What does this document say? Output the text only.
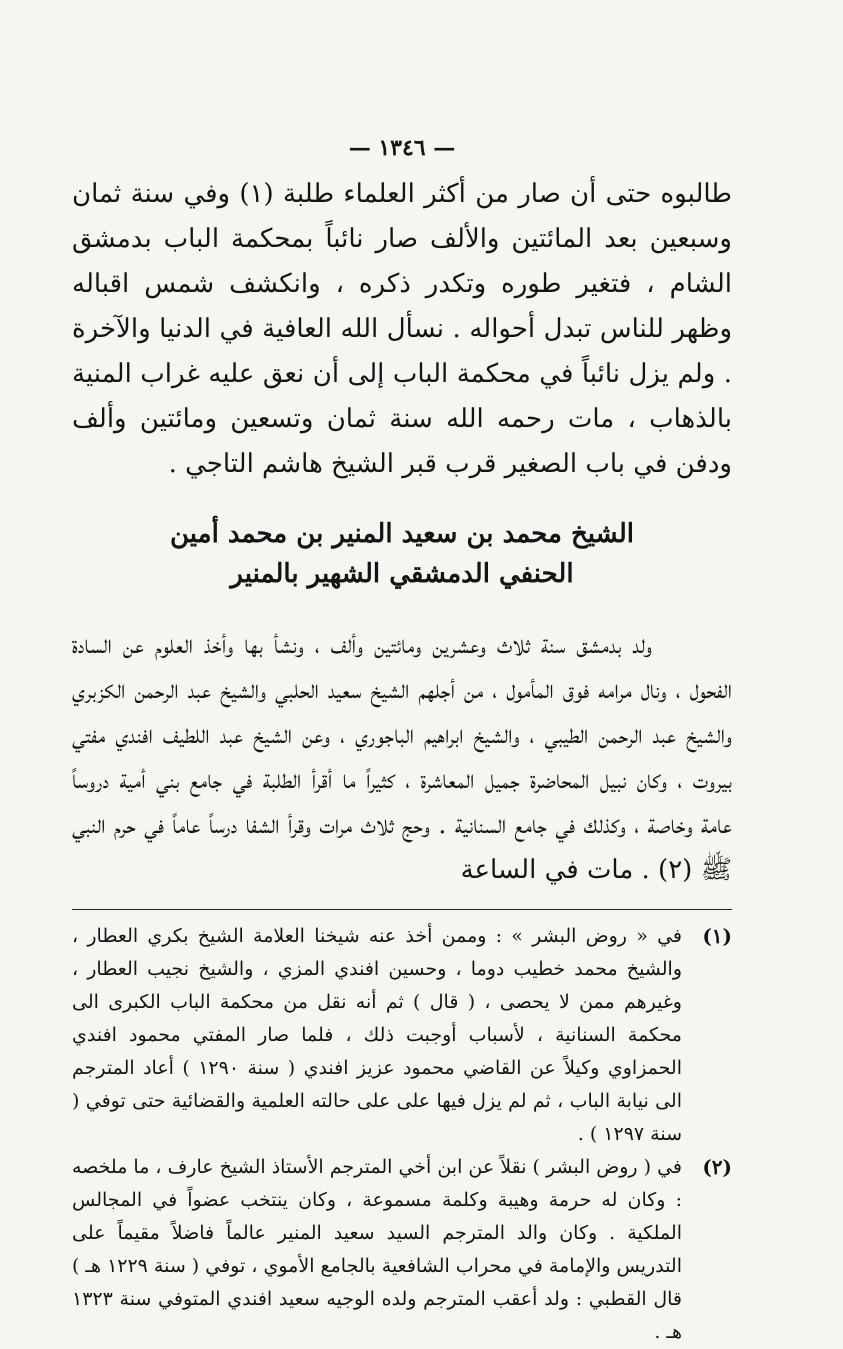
— ١٣٤٦ —

طالبوه حتى أن صار من أكثر العلماء طلبة (١) وفي سنة ثمان وسبعين بعد المائتين والألف صار نائباً بمحكمة الباب بدمشق الشام ، فتغير طوره وتكدر ذكره ، وانكشف شمس اقباله وظهر للناس تبدل أحواله . نسأل الله العافية في الدنيا والآخرة . ولم يزل نائباً في محكمة الباب إلى أن نعق عليه غراب المنية بالذهاب ، مات رحمه الله سنة ثمان وتسعين ومائتين وألف ودفن في باب الصغير قرب قبر الشيخ هاشم التاجي .

الشيخ محمد بن سعيد المنير بن محمد أمين
الحنفي الدمشقي الشهير بالمنير

ولد بدمشق سنة ثلاث وعشرين ومائتين وألف ، ونشأ بها وأخذ العلوم عن السادة الفحول ، ونال مرامه فوق المأمول ، من أجلهم الشيخ سعيد الحلبي والشيخ عبد الرحمن الكزبري والشيخ عبد الرحمن الطيبي ، والشيخ ابراهيم الباجوري ، وعن الشيخ عبد اللطيف افندي مفتي بيروت ، وكان نبيل المحاضرة جميل المعاشرة ، كثيراً ما أقرأ الطلبة في جامع بني أمية دروساً عامة وخاصة ، وكذلك في جامع السنانية . وحج ثلاث مرات وقرأ الشفا درساً عاماً في حرم النبي ﷺ (٢) . مات في الساعة

(١)
في « روض البشر » : وممن أخذ عنه شيخنا العلامة الشيخ بكري العطار ، والشيخ محمد خطيب دوما ، وحسين افندي المزي ، والشيخ نجيب العطار ، وغيرهم ممن لا يحصى ، ( قال ) ثم أنه نقل من محكمة الباب الكبرى الى محكمة السنانية ، لأسباب أوجبت ذلك ، فلما صار المفتي محمود افندي الحمزاوي وكيلاً عن القاضي محمود عزيز افندي ( سنة ١٢٩٠ ) أعاد المترجم الى نيابة الباب ، ثم لم يزل فيها على على حالته العلمية والقضائية حتى توفي ( سنة ١٢٩٧ ) .
(٢)
في ( روض البشر ) نقلاً عن ابن أخي المترجم الأستاذ الشيخ عارف ، ما ملخصه : وكان له حرمة وهيبة وكلمة مسموعة ، وكان ينتخب عضواً في المجالس الملكية . وكان والد المترجم السيد سعيد المنير عالماً فاضلاً مقيماً على التدريس والإمامة في محراب الشافعية بالجامع الأموي ، توفي ( سنة ١٢٢٩ هـ ) قال القطبي : ولد أعقب المترجم ولده الوجيه سعيد افندي المتوفي سنة ١٣٢٣ هـ .
